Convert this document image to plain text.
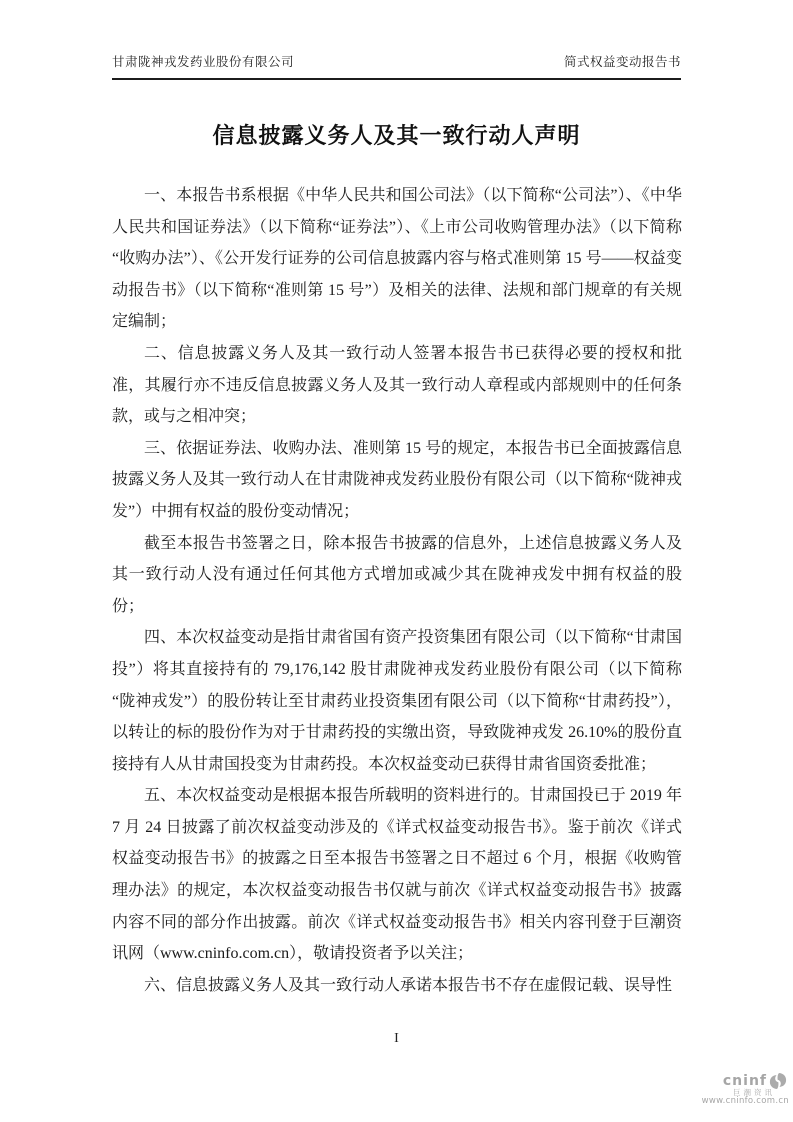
甘肃陇神戎发药业股份有限公司	简式权益变动报告书
信息披露义务人及其一致行动人声明

一、本报告书系根据《中华人民共和国公司法》（以下简称“公司法”）、《中华人民共和国证券法》（以下简称“证券法”）、《上市公司收购管理办法》（以下简称“收购办法”）、《公开发行证券的公司信息披露内容与格式准则第 15 号——权益变动报告书》（以下简称“准则第 15 号”）及相关的法律、法规和部门规章的有关规定编制；

二、信息披露义务人及其一致行动人签署本报告书已获得必要的授权和批准，其履行亦不违反信息披露义务人及其一致行动人章程或内部规则中的任何条款，或与之相冲突；

三、依据证券法、收购办法、准则第 15 号的规定，本报告书已全面披露信息披露义务人及其一致行动人在甘肃陇神戎发药业股份有限公司（以下简称“陇神戎发”）中拥有权益的股份变动情况；

截至本报告书签署之日，除本报告书披露的信息外，上述信息披露义务人及其一致行动人没有通过任何其他方式增加或减少其在陇神戎发中拥有权益的股份；

四、本次权益变动是指甘肃省国有资产投资集团有限公司（以下简称“甘肃国投”）将其直接持有的 79,176,142 股甘肃陇神戎发药业股份有限公司（以下简称“陇神戎发”）的股份转让至甘肃药业投资集团有限公司（以下简称“甘肃药投”），以转让的标的股份作为对于甘肃药投的实缴出资，导致陇神戎发 26.10%的股份直接持有人从甘肃国投变为甘肃药投。本次权益变动已获得甘肃省国资委批准；

五、本次权益变动是根据本报告所载明的资料进行的。甘肃国投已于 2019 年 7 月 24 日披露了前次权益变动涉及的《详式权益变动报告书》。鉴于前次《详式权益变动报告书》的披露之日至本报告书签署之日不超过 6 个月，根据《收购管理办法》的规定，本次权益变动报告书仅就与前次《详式权益变动报告书》披露内容不同的部分作出披露。前次《详式权益变动报告书》相关内容刊登于巨潮资讯网（www.cninfo.com.cn），敬请投资者予以关注；

六、信息披露义务人及其一致行动人承诺本报告书不存在虚假记载、误导性

I
cninf
巨潮资讯
www.cninfo.com.cn
